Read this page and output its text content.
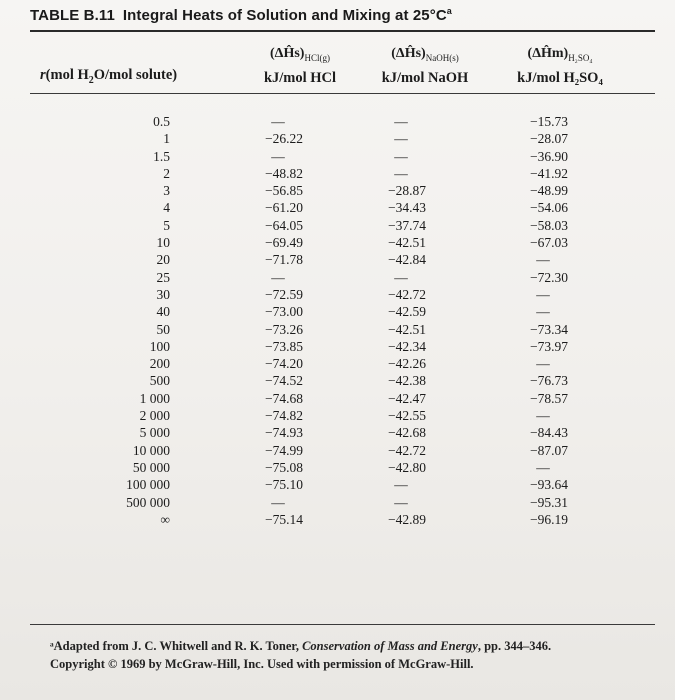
TABLE B.11 Integral Heats of Solution and Mixing at $25^\circ C^a$
r(mol $H_2O$/mol solute)
$(\Delta Ĥs)_{HCl(g)}$
kJ/mol HCl
$(\Delta Ĥs)_{NaOH(s)}$
kJ/mol NaOH
$(\Delta Ĥm)_{H_2SO_4}$
kJ/mol H₂SO₄
0.5
1
1.5
2
3
4
5
10
20
25
30
40
50
100
200
500
1 000
2 000
5 000
10 000
50 000
100 000
500 000
∞
—
−26.22
—
−48.82
−56.85
−61.20
−64.05
−69.49
−71.78
—
−72.59
−73.00
−73.26
−73.85
−74.20
−74.52
−74.68
−74.82
−74.93
−74.99
−75.08
−75.10
—
−75.14
—
—
—
—
−28.87
−34.43
−37.74
−42.51
−42.84
—
−42.72
−42.59
−42.51
−42.34
−42.26
−42.38
−42.47
−42.55
−42.68
−42.72
−42.80
—
—
−42.89
−15.73
−28.07
−36.90
−41.92
−48.99
−54.06
−58.03
−67.03
—
−72.30
—
—
−73.34
−73.97
—
−76.73
−78.57
—
−84.43
−87.07
—
−93.64
−95.31
−96.19
ᵃAdapted from J. C. Whitwell and R. K. Toner, Conservation of Mass and Energy, pp. 344–346.
Copyright © 1969 by McGraw-Hill, Inc. Used with permission of McGraw-Hill.
